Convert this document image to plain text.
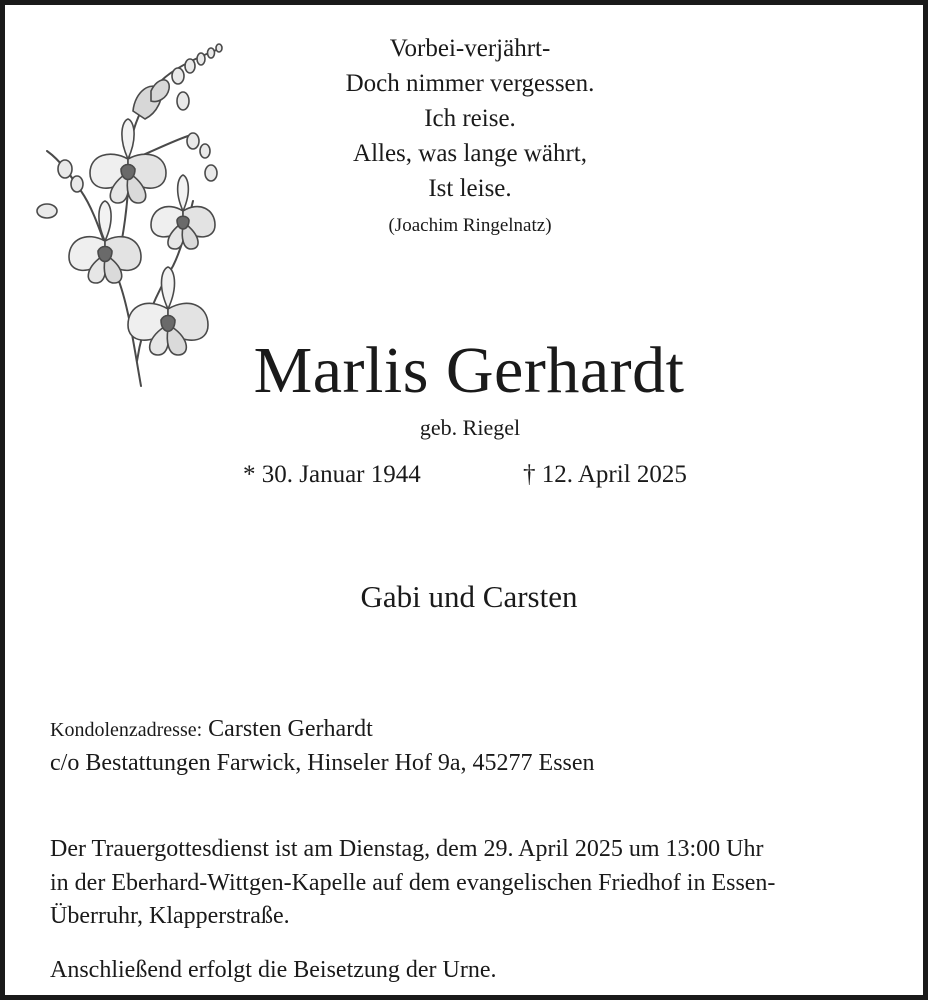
Vorbei-verjährt-
Doch nimmer vergessen.
Ich reise.
Alles, was lange währt,
Ist leise.
(Joachim Ringelnatz)
Marlis Gerhardt
geb. Riegel
* 30. Januar 1944	† 12. April 2025
Gabi und Carsten
Kondolenzadresse: Carsten Gerhardt
c/o Bestattungen Farwick, Hinseler Hof 9a, 45277 Essen
Der Trauergottesdienst ist am Dienstag, dem 29. April 2025 um 13:00 Uhr
in der Eberhard-Wittgen-Kapelle auf dem evangelischen Friedhof in Essen-
Überruhr, Klapperstraße.
Anschließend erfolgt die Beisetzung der Urne.
